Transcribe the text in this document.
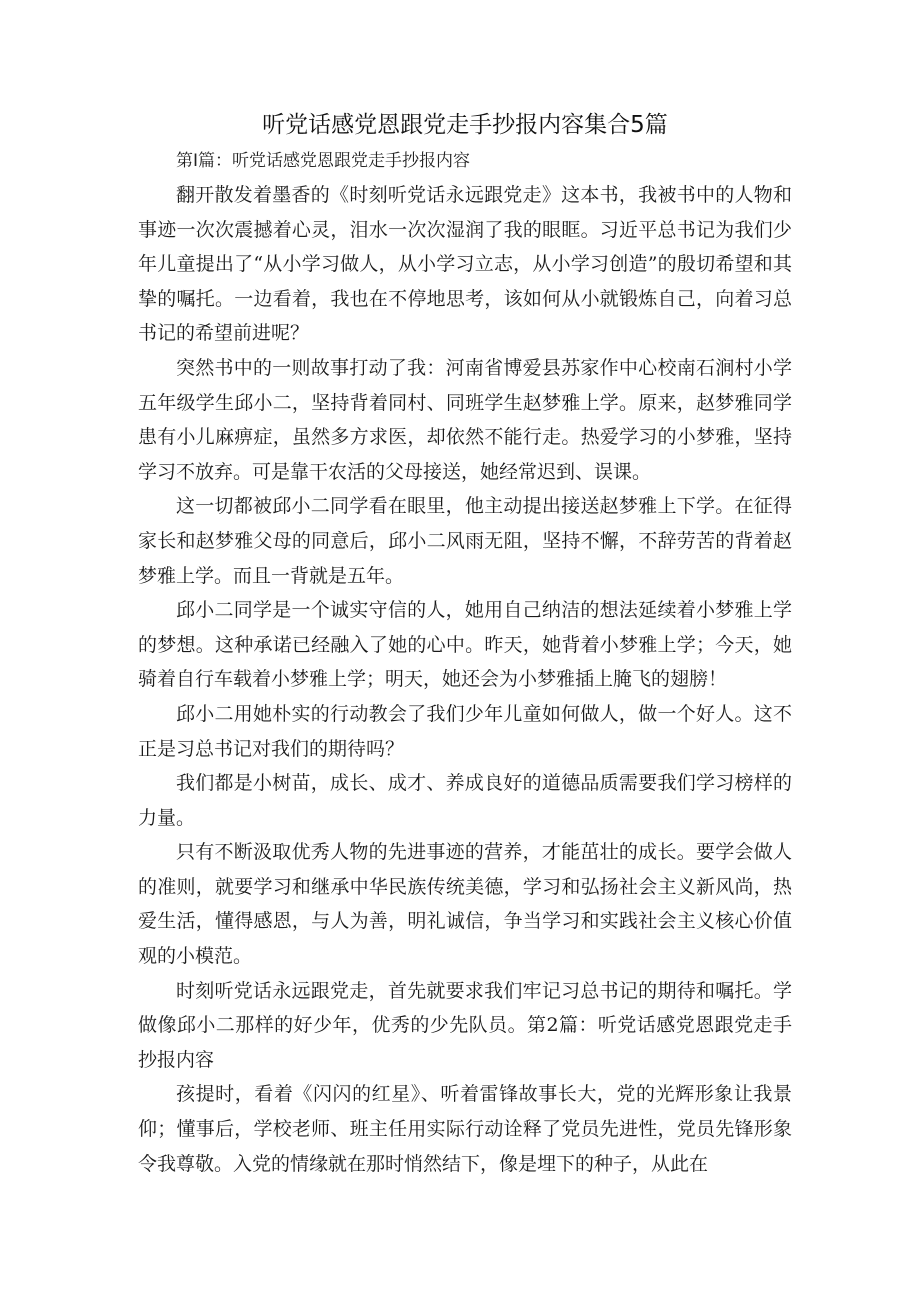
听党话感党恩跟党走手抄报内容集合5篇
第Ⅰ篇：听党话感党恩跟党走手抄报内容

翻开散发着墨香的《时刻听党话永远跟党走》这本书，我被书中的人物和事迹一次次震撼着心灵，泪水一次次湿润了我的眼眶。习近平总书记为我们少年儿童提出了“从小学习做人，从小学习立志，从小学习创造”的殷切希望和其挚的嘱托。一边看着，我也在不停地思考，该如何从小就锻炼自己，向着习总书记的希望前进呢？

突然书中的一则故事打动了我：河南省博爱县苏家作中心校南石涧村小学五年级学生邱小二，坚持背着同村、同班学生赵梦雅上学。原来，赵梦雅同学患有小儿麻痹症，虽然多方求医，却依然不能行走。热爱学习的小梦雅，坚持学习不放弃。可是靠干农活的父母接送，她经常迟到、误课。

这一切都被邱小二同学看在眼里，他主动提出接送赵梦雅上下学。在征得家长和赵梦雅父母的同意后，邱小二风雨无阻，坚持不懈，不辞劳苦的背着赵梦雅上学。而且一背就是五年。

邱小二同学是一个诚实守信的人，她用自己纳洁的想法延续着小梦雅上学的梦想。这种承诺已经融入了她的心中。昨天，她背着小梦雅上学；今天，她骑着自行车载着小梦雅上学；明天，她还会为小梦雅插上腌飞的翅膀！

邱小二用她朴实的行动教会了我们少年儿童如何做人，做一个好人。这不正是习总书记对我们的期待吗？

我们都是小树苗，成长、成才、养成良好的道德品质需要我们学习榜样的力量。

只有不断汲取优秀人物的先进事迹的营养，才能茁壮的成长。要学会做人的准则，就要学习和继承中华民族传统美德，学习和弘扬社会主义新风尚，热爱生活，懂得感恩，与人为善，明礼诚信，争当学习和实践社会主义核心价值观的小模范。

时刻听党话永远跟党走，首先就要求我们牢记习总书记的期待和嘱托。学做像邱小二那样的好少年，优秀的少先队员。第2篇：听党话感党恩跟党走手抄报内容

孩提时，看着《闪闪的红星》、听着雷锋故事长大，党的光辉形象让我景仰；懂事后，学校老师、班主任用实际行动诠释了党员先进性，党员先锋形象令我尊敬。入党的情缘就在那时悄然结下，像是埋下的种子，从此在
